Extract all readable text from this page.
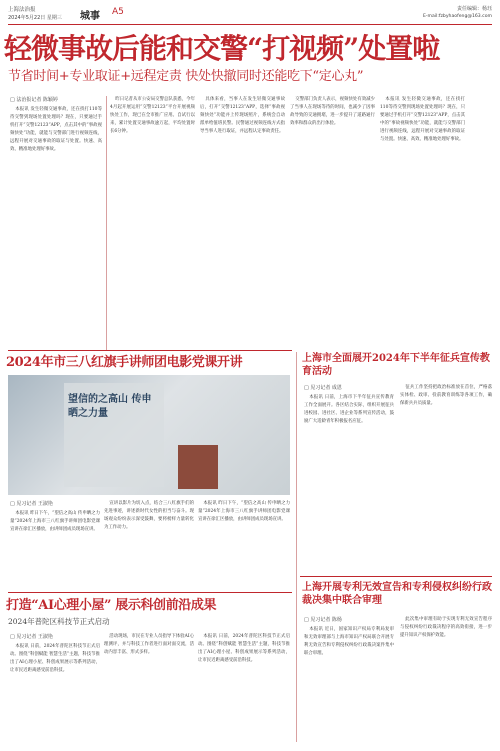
上海法治报
2024年5月22日 星期三 城事 A5	责任编辑：杨珏
E-mail:fzbyhaofeng@163.com
轻微事故后能和交警“打视频”处置啦
节省时间+专业取证+远程定责 快处快撤同时还能吃下“定心丸”
□ 法治报记者 陈颖婷

本报讯 发生轻微交通事故，还在找打110等待交警到现场处置处理吗？现在，只要通过手机打开“交警12123”APP，点击其中的“事故视频快处”功能，就能与交警部门进行视频连线，远程开展对交通事故的取证与处置。快速、高效、精准地处理好事故。

昨日记者从市公安局交警总队获悉，今年4月起开展运用“交警12123”平台开展视频快处工作，现已在全市推广应用。自试行以来，累计处置交通事故逾万起，平均处置时长6分钟。

具体来看，当事人在发生轻微交通事故后，打开“交警12123”APP，选择“事故视频快处”功能并上传现场照片，系统会自动派单给值班民警。民警通过视频连线方式指导当事人进行取证，并远程认定事故责任。

交警部门负责人表示，视频快处有效减少了当事人在现场等待的时间，也减少了因事故导致的交通拥堵，进一步提升了道路通行效率和群众的出行体验。

本报讯 发生轻微交通事故，还在找打110等待交警到现场处置处理吗？现在，只要通过手机打开“交警12123”APP，点击其中的“事故视频快处”功能，就能与交警部门进行视频连线，远程开展对交通事故的取证与处置。快速、高效、精准地处理好事故。

2024年市三八红旗手讲师团电影党课开讲
望信的之高山 传申晒之力量
□ 见习记者 王淑艳

本报讯 昨日下午，“望信之高山 传申晒之力量”2024年上海市三八红旗手讲师团电影党课宣讲在徐汇区播放，由讲师团成员现场宣讲。

宣讲以影片为切入点，结合三八红旗手们的先进事迹，讲述新时代女性的担当与奋斗。现场观众纷纷表示深受鼓舞，要将榜样力量转化为工作动力。

本报讯 昨日下午，“望信之高山 传申晒之力量”2024年上海市三八红旗手讲师团电影党课宣讲在徐汇区播放，由讲师团成员现场宣讲。

上海市全面展开2024年下半年征兵宣传教育活动
□ 见习记者 成恩

本报讯 日前，上海市下半年征兵宣传教育工作全面展开。各区结合实际，组织开展征兵进校园、进社区、进企业等系列宣传活动，鼓励广大适龄青年积极报名应征。

征兵工作坚持把政治标准放在首位，严格落实体检、政审、役前教育训练等各项工作，确保新兵兵员质量。

上海开展专利无效宣告和专利侵权纠纷行政裁决集中联合审理
□ 见习记者 陈杨

本报讯 近日，国家知识产权局专利局复审和无效审理部与上海市知识产权局联合开展专利无效宣告和专利侵权纠纷行政裁决案件集中联合审理。

此次集中审理有助于实现专利无效宣告程序与侵权纠纷行政裁决程序的高效衔接，进一步提升知识产权保护效能。

打造“AI心理小屋” 展示科创前沿成果
2024年普陀区科技节正式启动
□ 见习记者 王淑艳

本报讯 日前，2024年普陀区科技节正式启动。围绕“科创赋能 智慧生活”主题，科技节推出了AI心理小屋、科创成果展示等系列活动，让市民近距离感受前沿科技。

活动现场，市民在专业人员指导下体验AI心理测评，并与科技工作者进行面对面交流，活动内容丰富、形式多样。

本报讯 日前，2024年普陀区科技节正式启动。围绕“科创赋能 智慧生活”主题，科技节推出了AI心理小屋、科创成果展示等系列活动，让市民近距离感受前沿科技。
